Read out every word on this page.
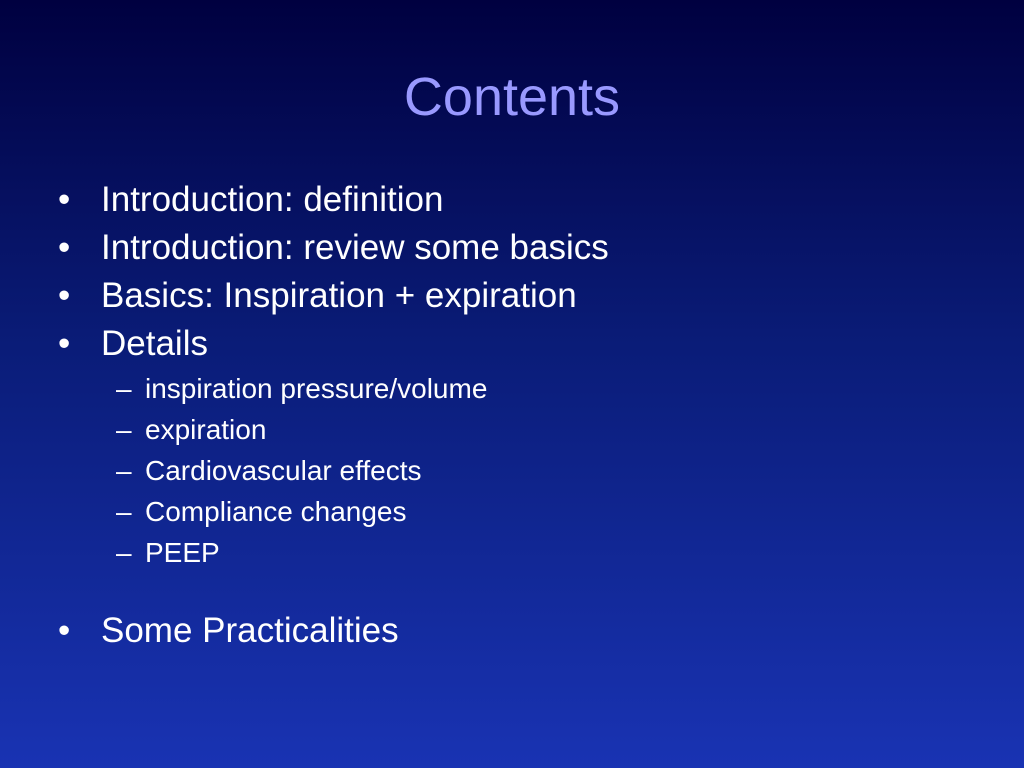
Contents
• Introduction: definition
• Introduction: review some basics
• Basics: Inspiration + expiration
• Details
– inspiration pressure/volume
– expiration
– Cardiovascular effects
– Compliance changes
– PEEP
• Some Practicalities
